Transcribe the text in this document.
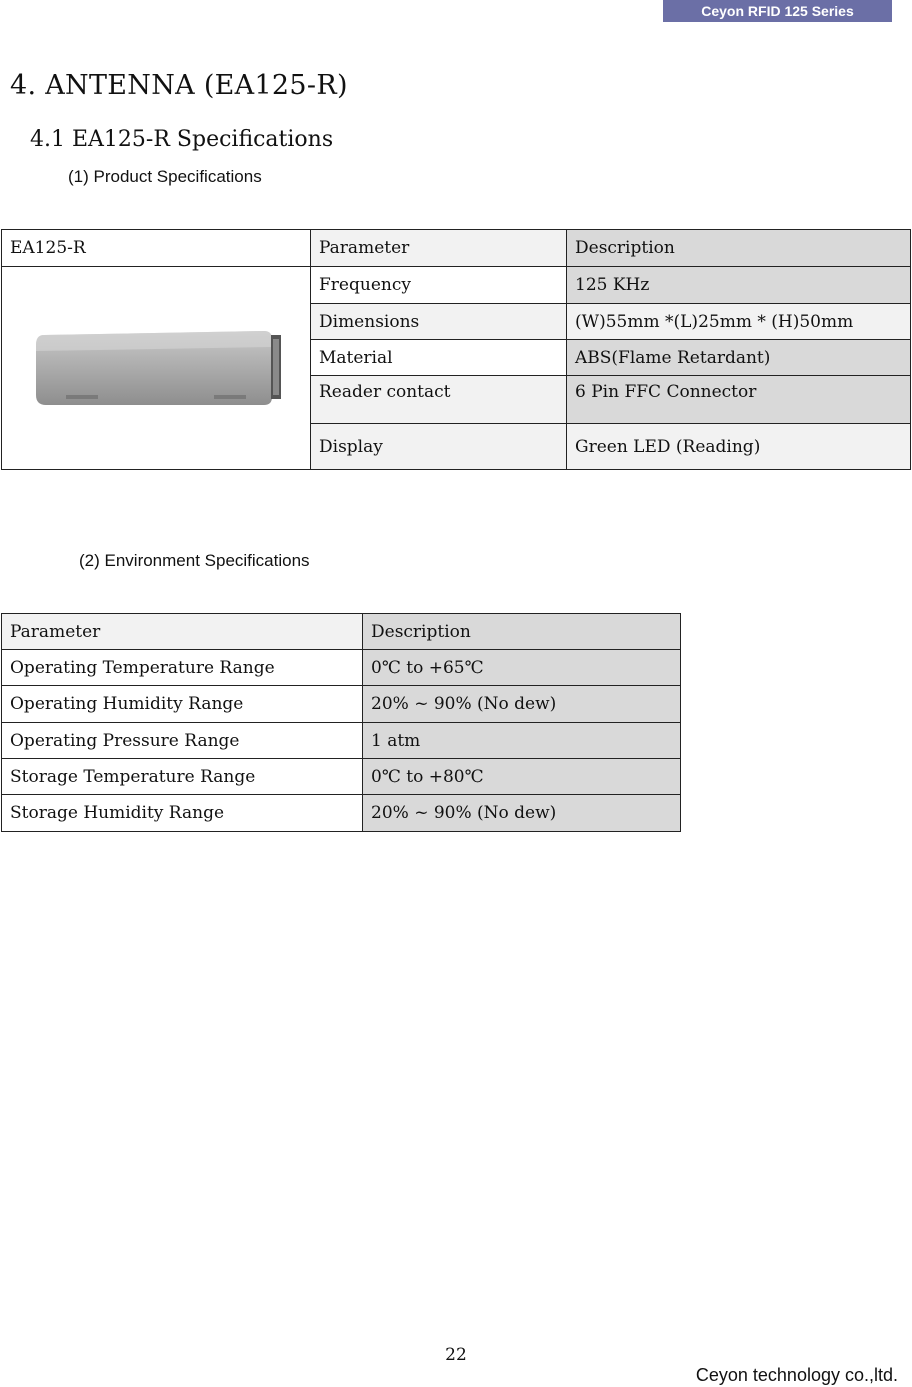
Ceyon RFID 125 Series
4. ANTENNA (EA125-R)
4.1 EA125-R Specifications
(1) Product Specifications
EA125-R	Parameter	Description

	Frequency	125 KHz
	Dimensions	(W)55mm *(L)25mm * (H)50mm
	Material	ABS(Flame Retardant)
	Reader contact	6 Pin FFC Connector
	Display	Green LED (Reading)
(2) Environment Specifications
Parameter	Description
Operating Temperature Range	0℃ to +65℃
Operating Humidity Range	20% ~ 90% (No dew)
Operating Pressure Range	1 atm
Storage Temperature Range	0℃ to +80℃
Storage Humidity Range	20% ~ 90% (No dew)
22
Ceyon technology co.,ltd.
